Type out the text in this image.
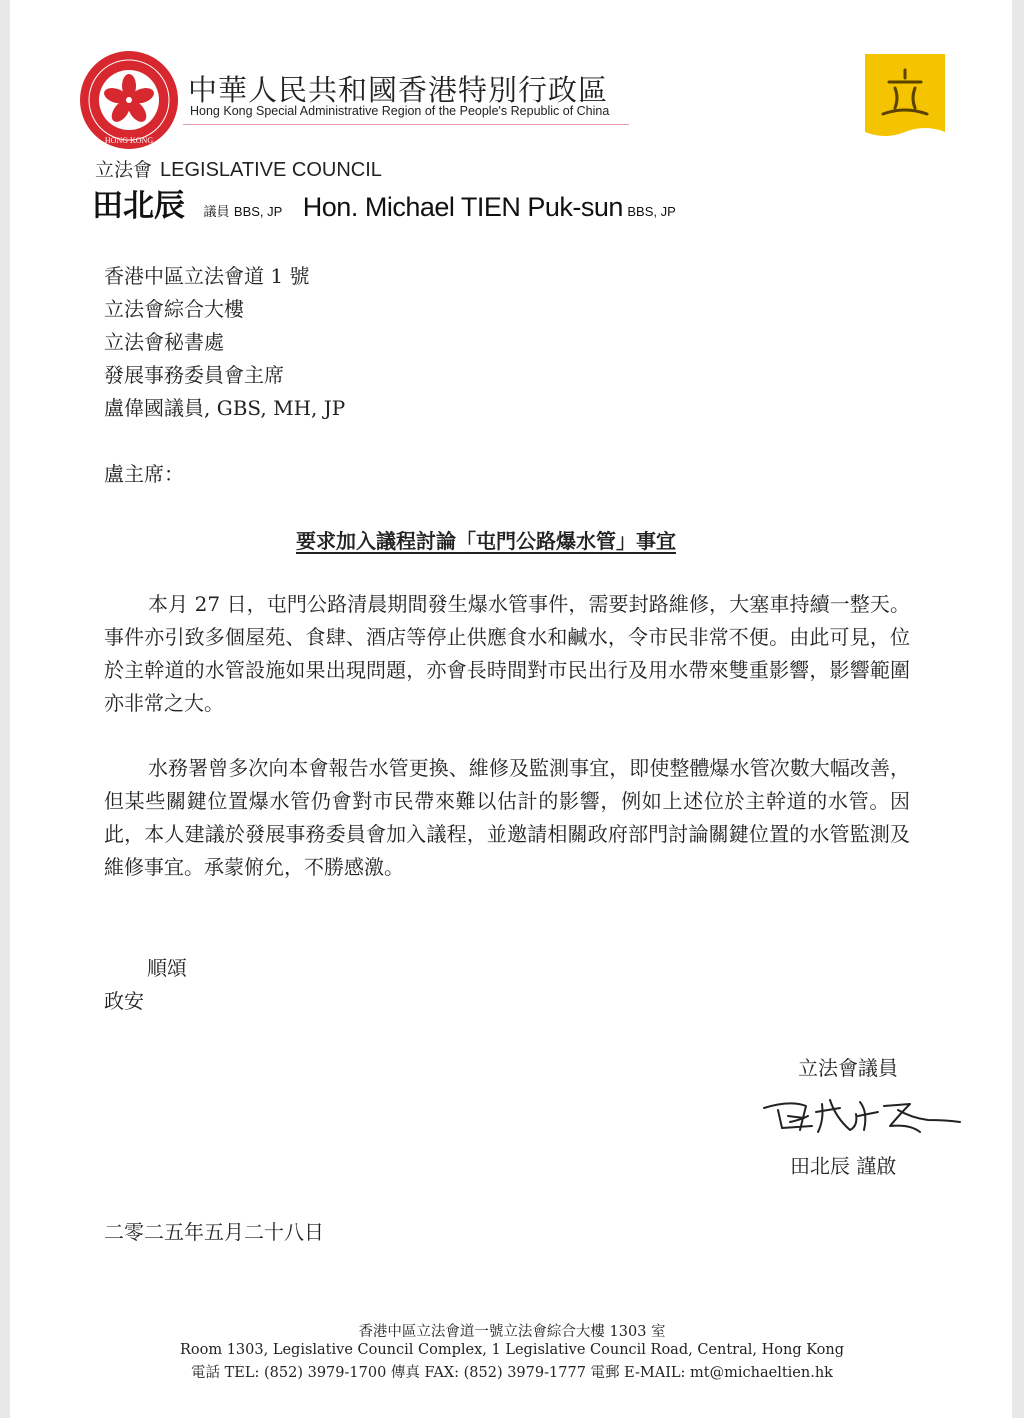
HONG KONG
中華人民共和國香港特別行政區
Hong Kong Special Administrative Region of the People's Republic of China
立法會 LEGISLATIVE COUNCIL
田北辰 議員 BBS, JP Hon. Michael TIEN Puk-sun BBS, JP
香港中區立法會道 1 號
立法會綜合大樓
立法會秘書處
發展事務委員會主席
盧偉國議員, GBS, MH, JP
盧主席：
要求加入議程討論「屯門公路爆水管」事宜

本月 27 日，屯門公路清晨期間發生爆水管事件，需要封路維修，大塞車持續一整天。事件亦引致多個屋苑、食肆、酒店等停止供應食水和鹹水，令市民非常不便。由此可見，位於主幹道的水管設施如果出現問題，亦會長時間對市民出行及用水帶來雙重影響，影響範圍亦非常之大。

水務署曾多次向本會報告水管更換、維修及監測事宜，即使整體爆水管次數大幅改善，但某些關鍵位置爆水管仍會對市民帶來難以估計的影響，例如上述位於主幹道的水管。因此，本人建議於發展事務委員會加入議程，並邀請相關政府部門討論關鍵位置的水管監測及維修事宜。承蒙俯允，不勝感激。

順頌
政安
立法會議員
田北辰 謹啟
二零二五年五月二十八日
香港中區立法會道一號立法會綜合大樓 1303 室
Room 1303, Legislative Council Complex, 1 Legislative Council Road, Central, Hong Kong
電話 TEL: (852) 3979-1700 傳真 FAX: (852) 3979-1777 電郵 E-MAIL: mt@michaeltien.hk
